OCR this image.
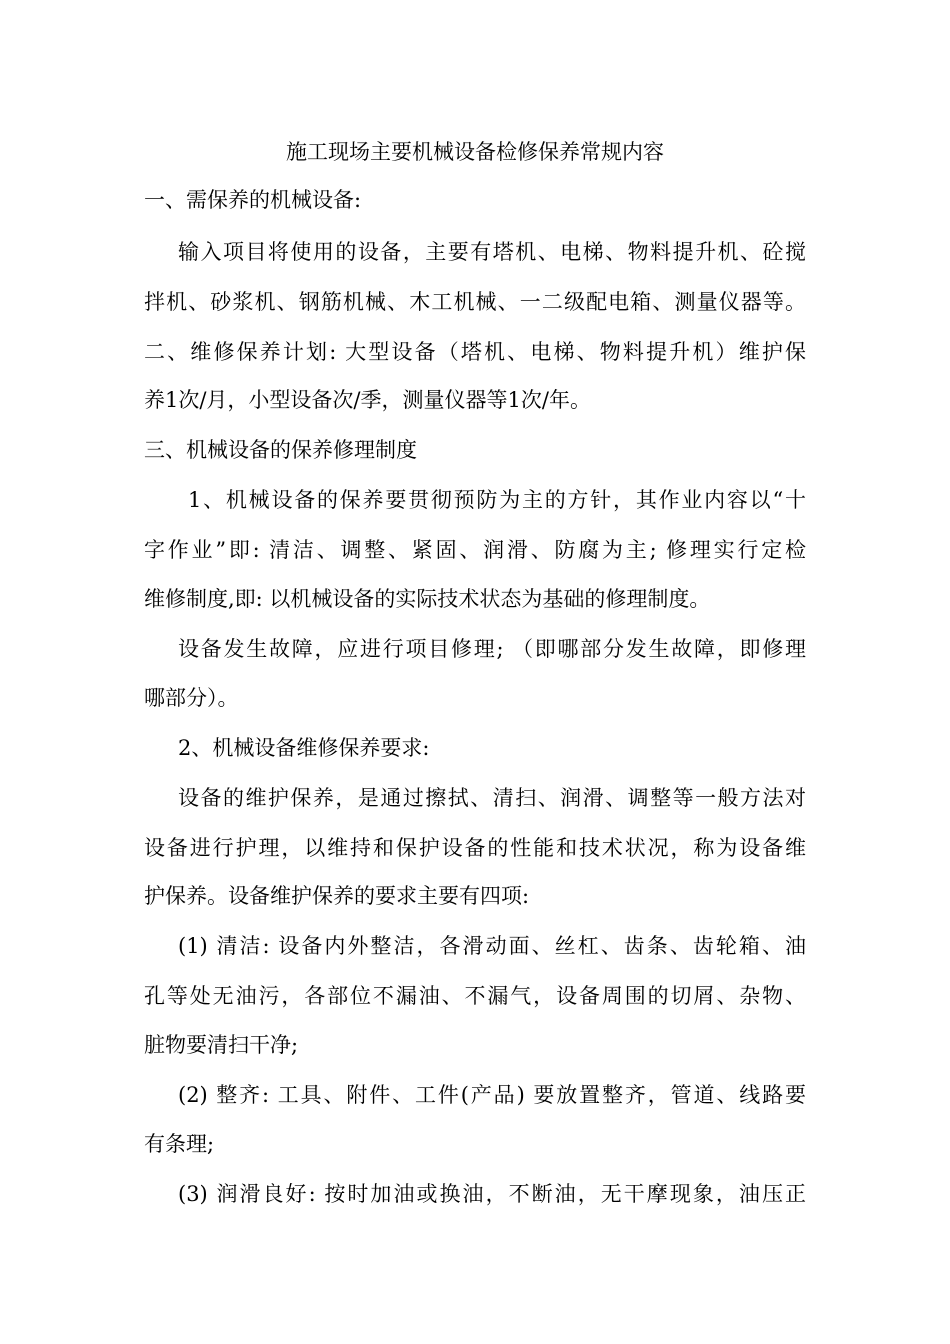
施工现场主要机械设备检修保养常规内容
一、需保养的机械设备:
输入项目将使用的设备，主要有塔机、电梯、物料提升机、砼搅
拌机、砂浆机、钢筋机械、木工机械、一二级配电箱、测量仪器等。
二、维修保养计划: 大型设备（塔机、电梯、物料提升机）维护保
养1次/月，小型设备次/季，测量仪器等1次/年。
三、机械设备的保养修理制度
1、机械设备的保养要贯彻预防为主的方针，其作业内容以“十
字作业”即: 清洁、调整、紧固、润滑、防腐为主; 修理实行定检
维修制度,即: 以机械设备的实际技术状态为基础的修理制度。
设备发生故障，应进行项目修理; （即哪部分发生故障，即修理
哪部分）。
2、机械设备维修保养要求:
设备的维护保养，是通过擦拭、清扫、润滑、调整等一般方法对
设备进行护理，以维持和保护设备的性能和技术状况，称为设备维
护保养。设备维护保养的要求主要有四项:
(1) 清洁: 设备内外整洁，各滑动面、丝杠、齿条、齿轮箱、油
孔等处无油污，各部位不漏油、不漏气，设备周围的切屑、杂物、
脏物要清扫干净;
(2) 整齐: 工具、附件、工件(产品) 要放置整齐，管道、线路要
有条理;
(3) 润滑良好: 按时加油或换油，不断油，无干摩现象，油压正
